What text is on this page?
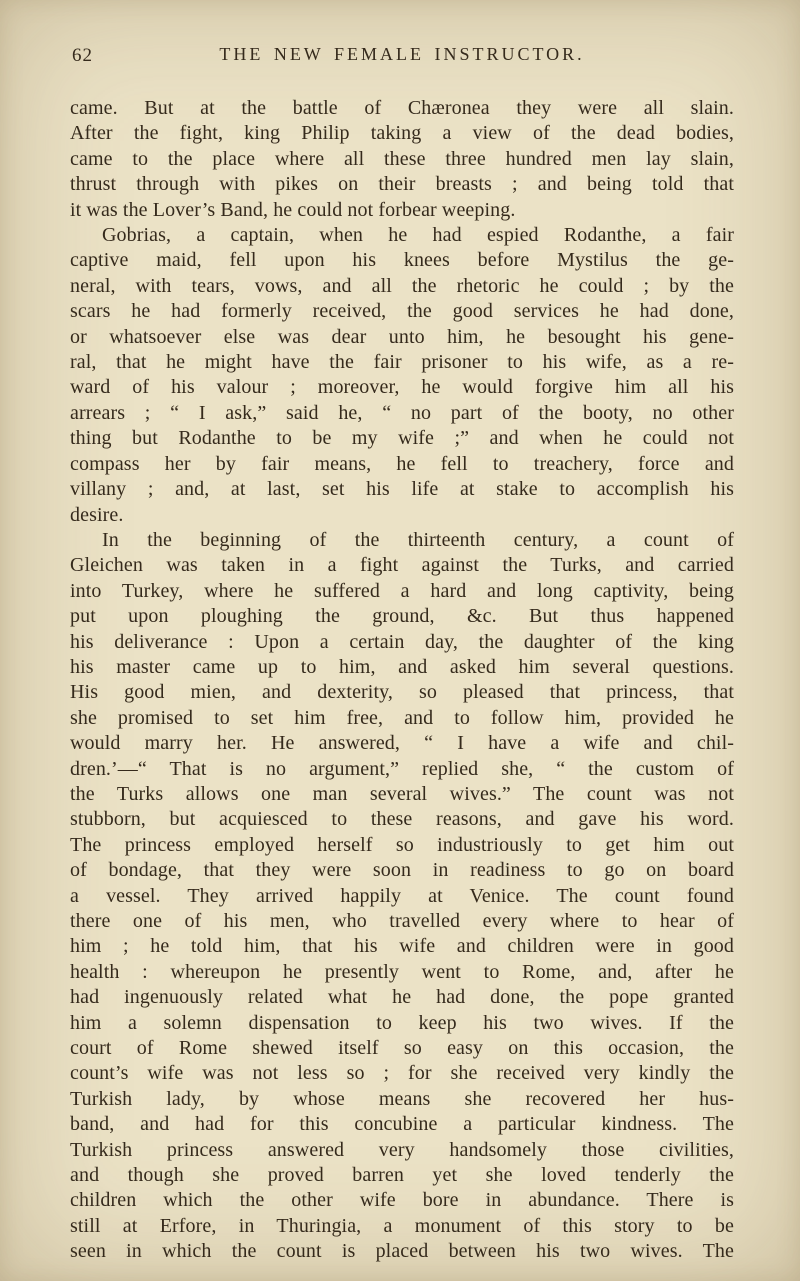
62	THE NEW FEMALE INSTRUCTOR.
came. But at the battle of Chæronea they were all slain.
After the fight, king Philip taking a view of the dead bodies,
came to the place where all these three hundred men lay slain,
thrust through with pikes on their breasts ; and being told that
it was the Lover’s Band, he could not forbear weeping.
Gobrias, a captain, when he had espied Rodanthe, a fair
captive maid, fell upon his knees before Mystilus the ge-
neral, with tears, vows, and all the rhetoric he could ; by the
scars he had formerly received, the good services he had done,
or whatsoever else was dear unto him, he besought his gene-
ral, that he might have the fair prisoner to his wife, as a re-
ward of his valour ; moreover, he would forgive him all his
arrears ; “ I ask,” said he, “ no part of the booty, no other
thing but Rodanthe to be my wife ;” and when he could not
compass her by fair means, he fell to treachery, force and
villany ; and, at last, set his life at stake to accomplish his
desire.
In the beginning of the thirteenth century, a count of
Gleichen was taken in a fight against the Turks, and carried
into Turkey, where he suffered a hard and long captivity, being
put upon ploughing the ground, &c. But thus happened
his deliverance : Upon a certain day, the daughter of the king
his master came up to him, and asked him several questions.
His good mien, and dexterity, so pleased that princess, that
she promised to set him free, and to follow him, provided he
would marry her. He answered, “ I have a wife and chil-
dren.’—“ That is no argument,” replied she, “ the custom of
the Turks allows one man several wives.” The count was not
stubborn, but acquiesced to these reasons, and gave his word.
The princess employed herself so industriously to get him out
of bondage, that they were soon in readiness to go on board
a vessel. They arrived happily at Venice. The count found
there one of his men, who travelled every where to hear of
him ; he told him, that his wife and children were in good
health : whereupon he presently went to Rome, and, after he
had ingenuously related what he had done, the pope granted
him a solemn dispensation to keep his two wives. If the
court of Rome shewed itself so easy on this occasion, the
count’s wife was not less so ; for she received very kindly the
Turkish lady, by whose means she recovered her hus-
band, and had for this concubine a particular kindness. The
Turkish princess answered very handsomely those civilities,
and though she proved barren yet she loved tenderly the
children which the other wife bore in abundance. There is
still at Erfore, in Thuringia, a monument of this story to be
seen in which the count is placed between his two wives. The
